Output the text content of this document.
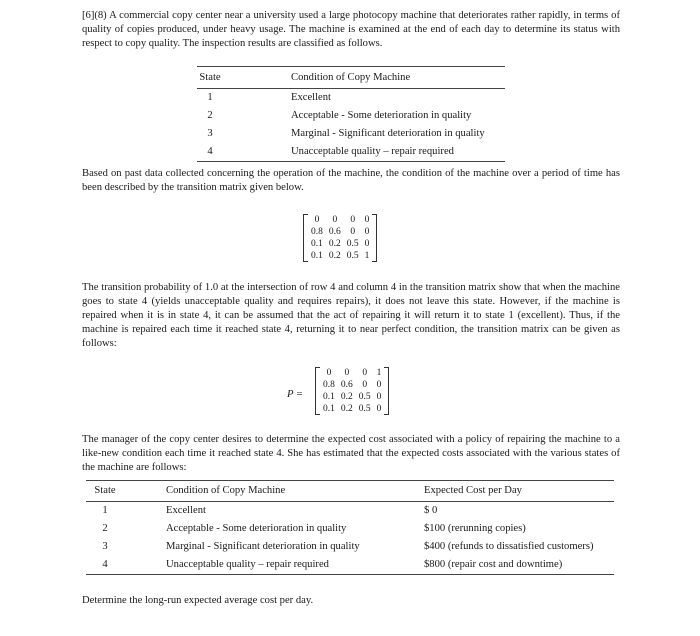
[6](8) A commercial copy center near a university used a large photocopy machine that deteriorates rather rapidly, in terms of quality of copies produced, under heavy usage. The machine is examined at the end of each day to determine its status with respect to copy quality. The inspection results are classified as follows.

State		Condition of Copy Machine
1		Excellent
2		Acceptable - Some deterioration in quality
3		Marginal - Significant deterioration in quality
4		Unacceptable quality – repair required

Based on past data collected concerning the operation of the machine, the condition of the machine over a period of time has been described by the transition matrix given below.

0	0	0	0
0.8	0.6	0	0
0.1	0.2	0.5	0
0.1	0.2	0.5	1

The transition probability of 1.0 at the intersection of row 4 and column 4 in the transition matrix show that when the machine goes to state 4 (yields unacceptable quality and requires repairs), it does not leave this state. However, if the machine is repaired when it is in state 4, it can be assumed that the act of repairing it will return it to state 1 (excellent). Thus, if the machine is repaired each time it reached state 4, returning it to near perfect condition, the transition matrix can be given as follows:

P =
0	0	0	1
0.8	0.6	0	0
0.1	0.2	0.5	0
0.1	0.2	0.5	0

The manager of the copy center desires to determine the expected cost associated with a policy of repairing the machine to a like-new condition each time it reached state 4. She has estimated that the expected costs associated with the various states of the machine are follows:

State		Condition of Copy Machine	Expected Cost per Day
1		Excellent	$ 0
2		Acceptable - Some deterioration in quality	$100 (rerunning copies)
3		Marginal - Significant deterioration in quality	$400 (refunds to dissatisfied customers)
4		Unacceptable quality – repair required	$800 (repair cost and downtime)

Determine the long-run expected average cost per day.
